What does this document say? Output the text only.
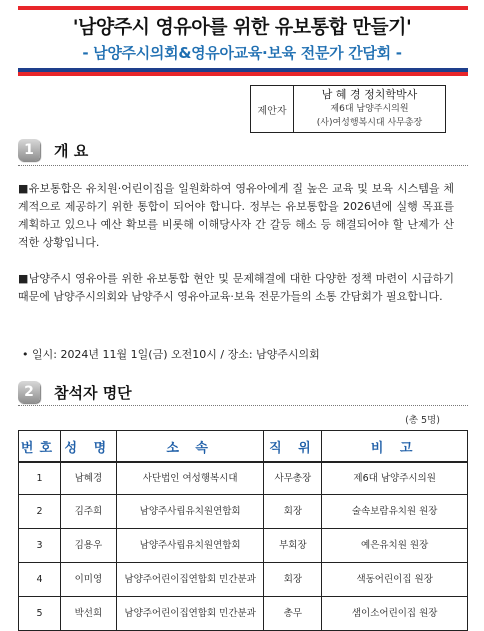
'남양주시 영유아를 위한 유보통합 만들기'
- 남양주시의회&영유아교육·보육 전문가 간담회 -
제안자
남 혜 경 정치학박사
제6대 남양주시의원
(사)여성행복시대 사무총장
1	개 요
■유보통합은 유치원·어린이집을 일원화하여 영유아에게 질 높은 교육 및 보육 시스템을 체계적으로 제공하기 위한 통합이 되어야 합니다. 정부는 유보통합을 2026년에 실행 목표를 계획하고 있으나 예산 확보를 비롯해 이해당사자 간 갈등 해소 등 해결되어야 할 난제가 산적한 상황입니다.
■남양주시 영유아를 위한 유보통합 현안 및 문제해결에 대한 다양한 정책 마련이 시급하기 때문에 남양주시의회와 남양주시 영유아교육·보육 전문가들의 소통 간담회가 필요합니다.
• 일시: 2024년 11월 1일(금) 오전10시 / 장소: 남양주시의회
2	참석자 명단
(총 5명)
번호	성 명	소 속	직 위	비 고
1	남혜경	사단법인 여성행복시대	사무총장	제6대 남양주시의원
2	김주희	남양주사립유치원연합회	회장	술속보람유치원 원장
3	김용우	남양주사립유치원연합회	부회장	예은유치원 원장
4	이미영	남양주어린이집연합회 민간분과	회장	색동어린이집 원장
5	박선희	남양주어린이집연합회 민간분과	총무	샘이소어린이집 원장
